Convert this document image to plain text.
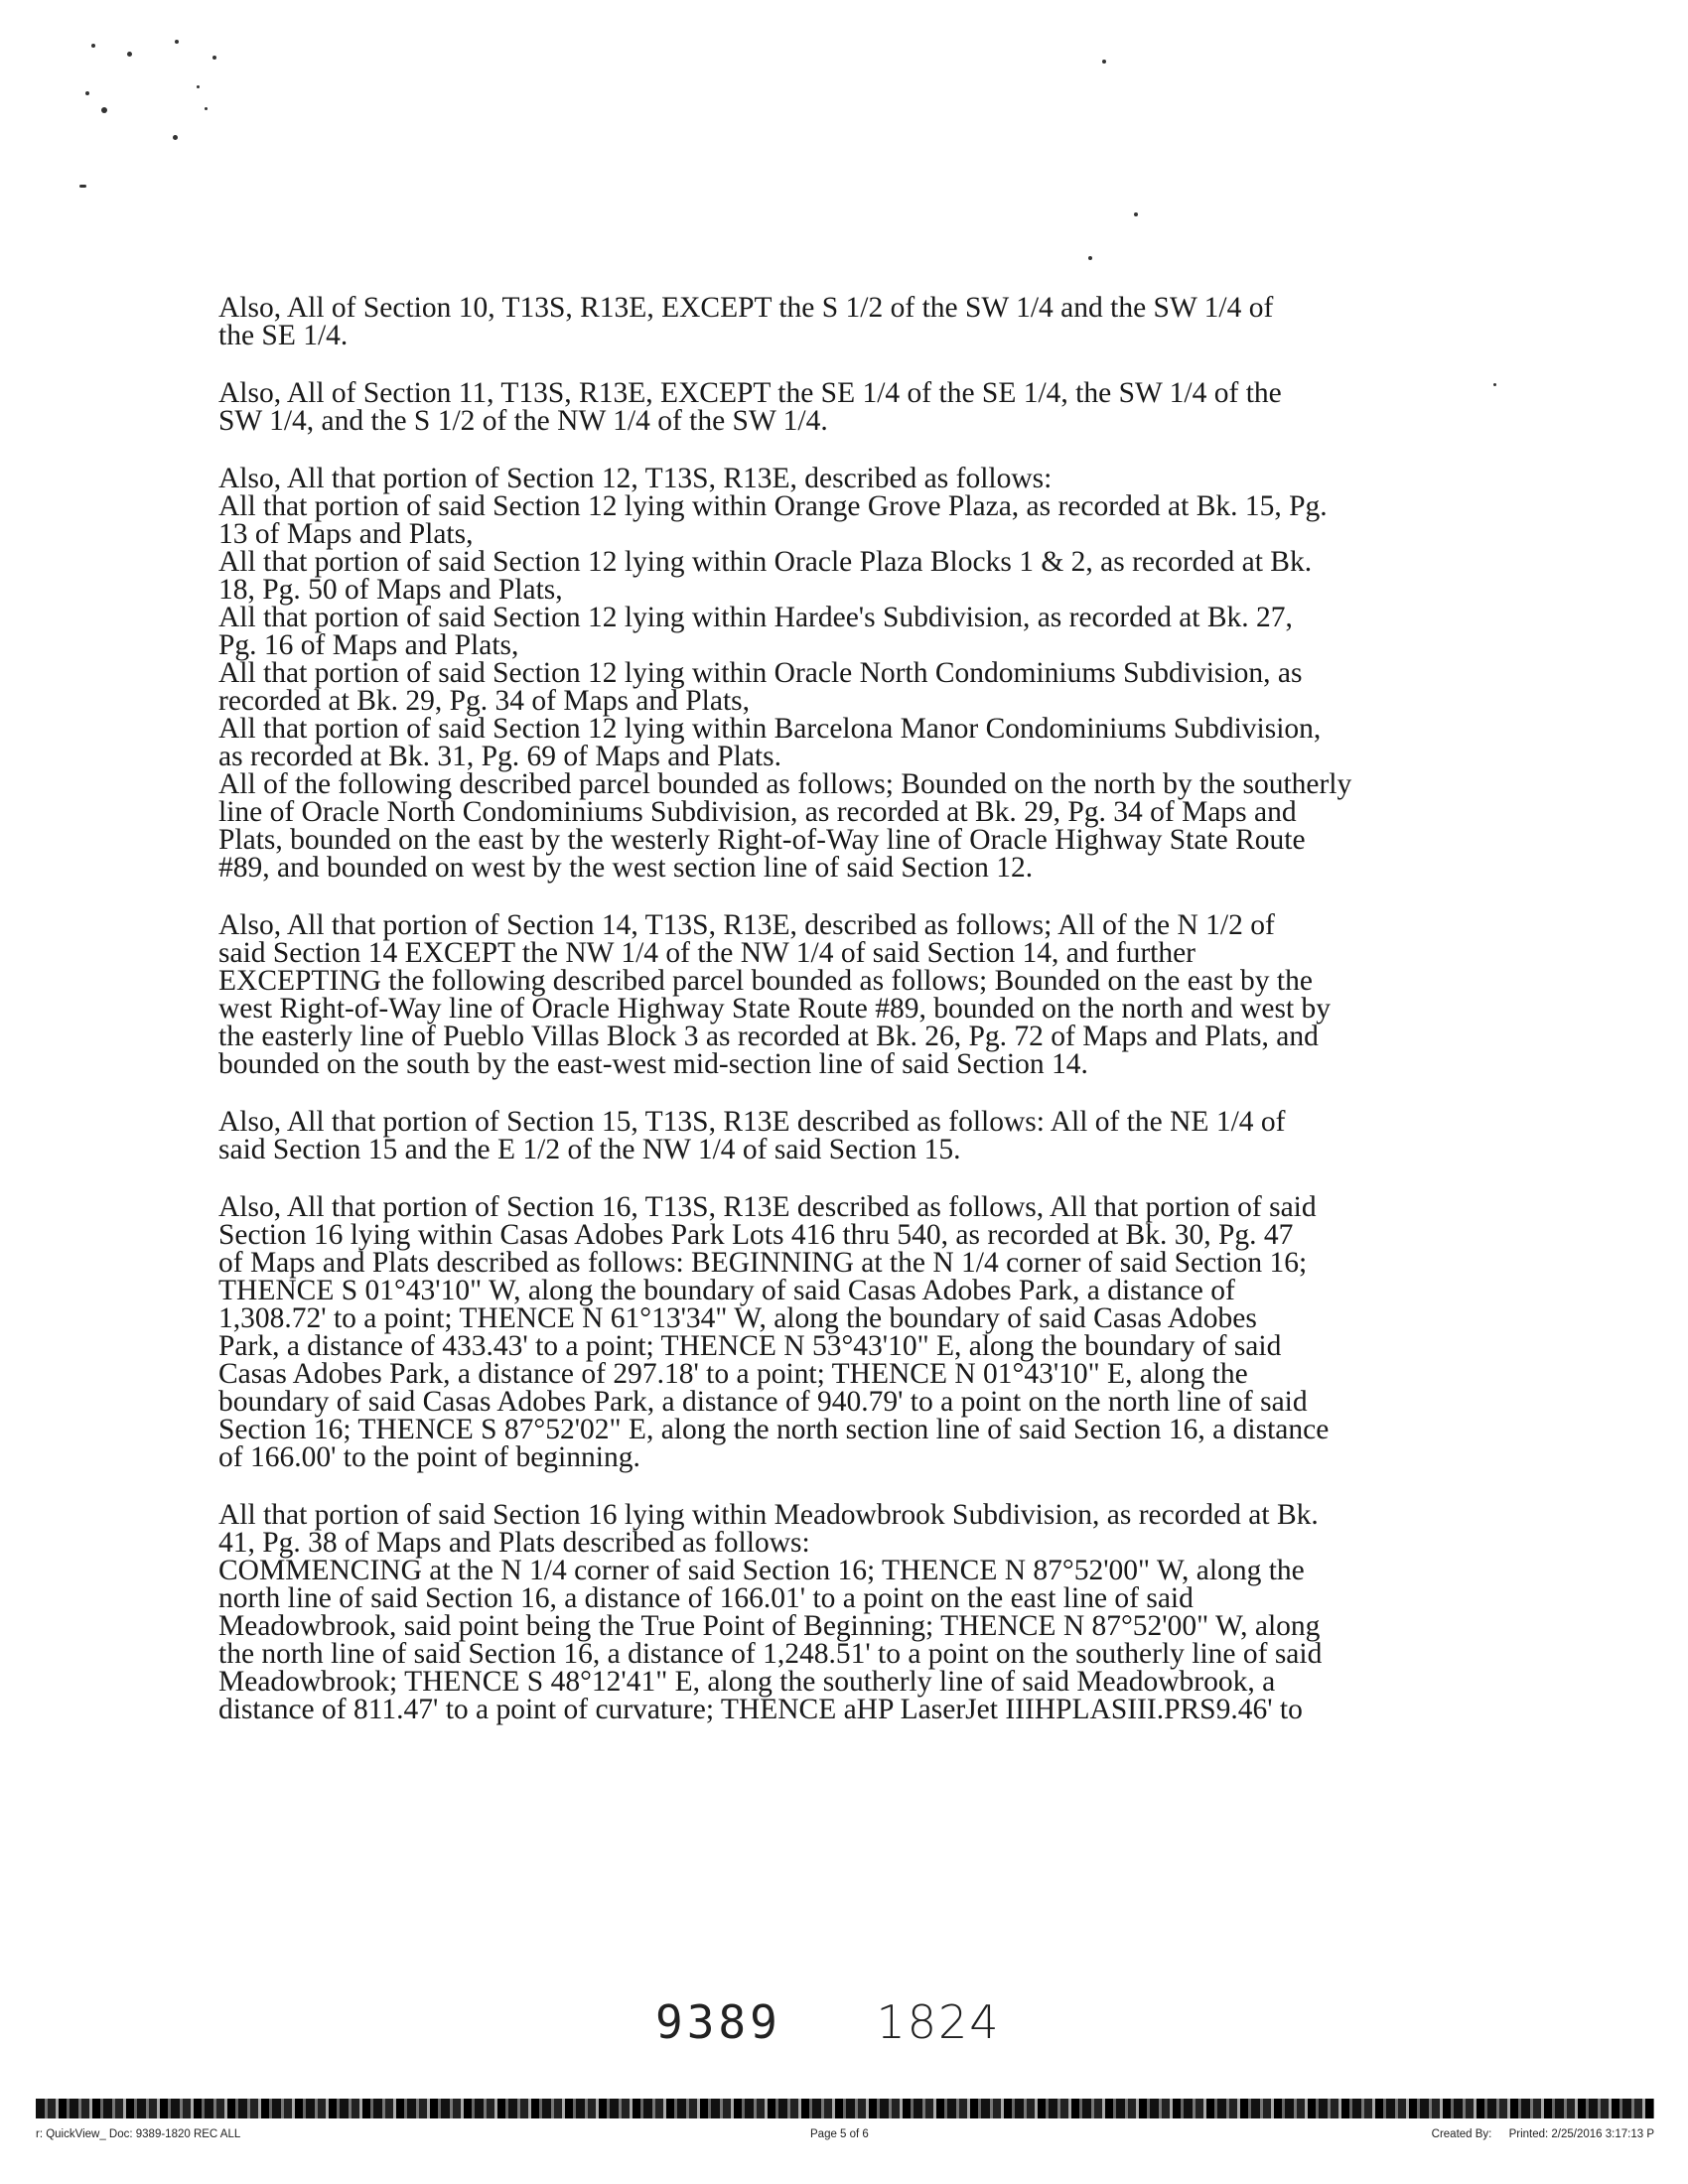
Also, All of Section 10, T13S, R13E, EXCEPT the S 1/2 of the SW 1/4 and the SW 1/4 of
the SE 1/4.
Also, All of Section 11, T13S, R13E, EXCEPT the SE 1/4 of the SE 1/4, the SW 1/4 of the
SW 1/4, and the S 1/2 of the NW 1/4 of the SW 1/4.
Also, All that portion of Section 12, T13S, R13E, described as follows:
All that portion of said Section 12 lying within Orange Grove Plaza, as recorded at Bk. 15, Pg.
13 of Maps and Plats,
All that portion of said Section 12 lying within Oracle Plaza Blocks 1 & 2, as recorded at Bk.
18, Pg. 50 of Maps and Plats,
All that portion of said Section 12 lying within Hardee's Subdivision, as recorded at Bk. 27,
Pg. 16 of Maps and Plats,
All that portion of said Section 12 lying within Oracle North Condominiums Subdivision, as
recorded at Bk. 29, Pg. 34 of Maps and Plats,
All that portion of said Section 12 lying within Barcelona Manor Condominiums Subdivision,
as recorded at Bk. 31, Pg. 69 of Maps and Plats.
All of the following described parcel bounded as follows; Bounded on the north by the southerly
line of Oracle North Condominiums Subdivision, as recorded at Bk. 29, Pg. 34 of Maps and
Plats, bounded on the east by the westerly Right-of-Way line of Oracle Highway State Route
#89, and bounded on west by the west section line of said Section 12.
Also, All that portion of Section 14, T13S, R13E, described as follows; All of the N 1/2 of
said Section 14 EXCEPT the NW 1/4 of the NW 1/4 of said Section 14, and further
EXCEPTING the following described parcel bounded as follows; Bounded on the east by the
west Right-of-Way line of Oracle Highway State Route #89, bounded on the north and west by
the easterly line of Pueblo Villas Block 3 as recorded at Bk. 26, Pg. 72 of Maps and Plats, and
bounded on the south by the east-west mid-section line of said Section 14.
Also, All that portion of Section 15, T13S, R13E described as follows: All of the NE 1/4 of
said Section 15 and the E 1/2 of the NW 1/4 of said Section 15.
Also, All that portion of Section 16, T13S, R13E described as follows, All that portion of said
Section 16 lying within Casas Adobes Park Lots 416 thru 540, as recorded at Bk. 30, Pg. 47
of Maps and Plats described as follows: BEGINNING at the N 1/4 corner of said Section 16;
THENCE S 01°43'10" W, along the boundary of said Casas Adobes Park, a distance of
1,308.72' to a point; THENCE N 61°13'34" W, along the boundary of said Casas Adobes
Park, a distance of 433.43' to a point; THENCE N 53°43'10" E, along the boundary of said
Casas Adobes Park, a distance of 297.18' to a point; THENCE N 01°43'10" E, along the
boundary of said Casas Adobes Park, a distance of 940.79' to a point on the north line of said
Section 16; THENCE S 87°52'02" E, along the north section line of said Section 16, a distance
of 166.00' to the point of beginning.
All that portion of said Section 16 lying within Meadowbrook Subdivision, as recorded at Bk.
41, Pg. 38 of Maps and Plats described as follows:
COMMENCING at the N 1/4 corner of said Section 16; THENCE N 87°52'00" W, along the
north line of said Section 16, a distance of 166.01' to a point on the east line of said
Meadowbrook, said point being the True Point of Beginning; THENCE N 87°52'00" W, along
the north line of said Section 16, a distance of 1,248.51' to a point on the southerly line of said
Meadowbrook; THENCE S 48°12'41" E, along the southerly line of said Meadowbrook, a
distance of 811.47' to a point of curvature; THENCE aHP LaserJet IIIHPLASIII.PRS9.46' to
9389 1824
r: QuickView_ Doc: 9389-1820 REC ALL	Page 5 of 6	Created By: Printed: 2/25/2016 3:17:13 P
